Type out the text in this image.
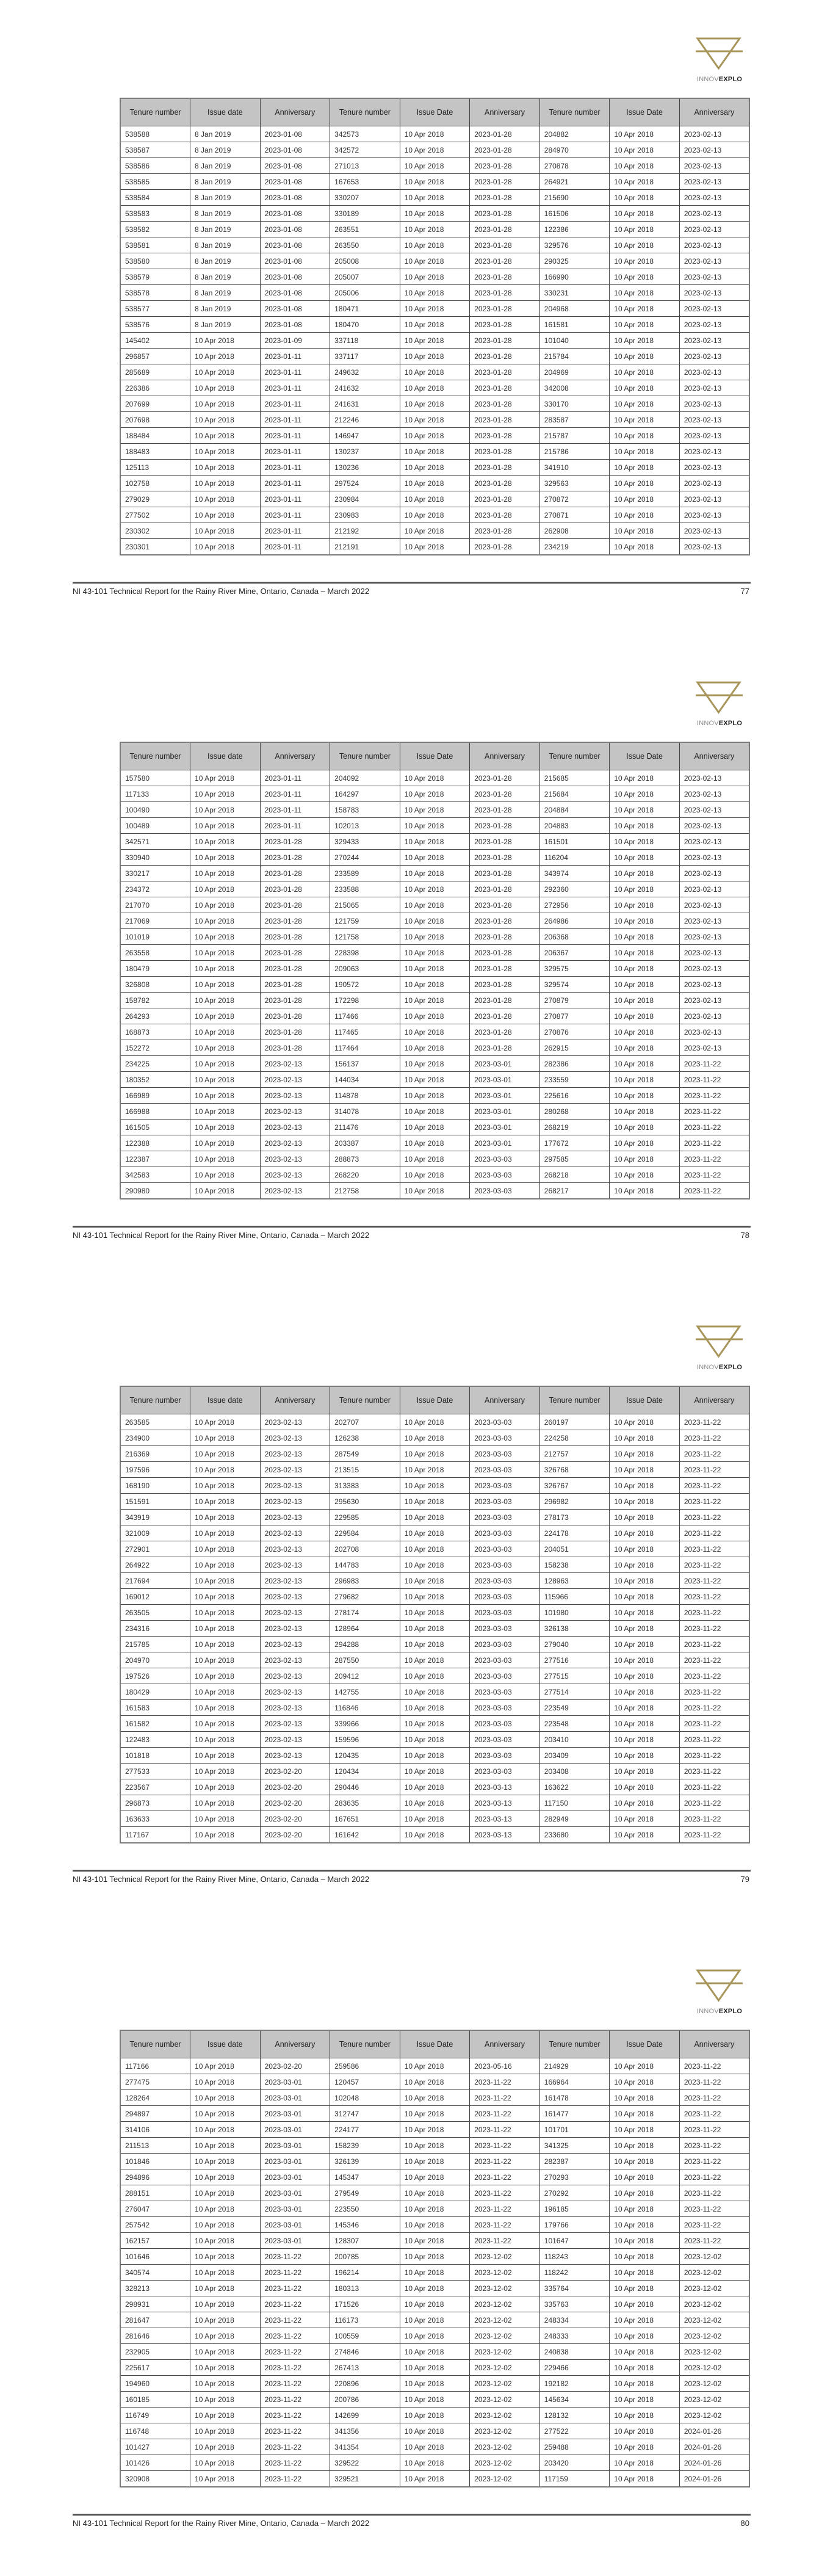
INNOVEXPLO
Tenure number	Issue date	Anniversary	Tenure number	Issue Date	Anniversary	Tenure number	Issue Date	Anniversary
538588	8 Jan 2019	2023-01-08	342573	10 Apr 2018	2023-01-28	204882	10 Apr 2018	2023-02-13
538587	8 Jan 2019	2023-01-08	342572	10 Apr 2018	2023-01-28	284970	10 Apr 2018	2023-02-13
538586	8 Jan 2019	2023-01-08	271013	10 Apr 2018	2023-01-28	270878	10 Apr 2018	2023-02-13
538585	8 Jan 2019	2023-01-08	167653	10 Apr 2018	2023-01-28	264921	10 Apr 2018	2023-02-13
538584	8 Jan 2019	2023-01-08	330207	10 Apr 2018	2023-01-28	215690	10 Apr 2018	2023-02-13
538583	8 Jan 2019	2023-01-08	330189	10 Apr 2018	2023-01-28	161506	10 Apr 2018	2023-02-13
538582	8 Jan 2019	2023-01-08	263551	10 Apr 2018	2023-01-28	122386	10 Apr 2018	2023-02-13
538581	8 Jan 2019	2023-01-08	263550	10 Apr 2018	2023-01-28	329576	10 Apr 2018	2023-02-13
538580	8 Jan 2019	2023-01-08	205008	10 Apr 2018	2023-01-28	290325	10 Apr 2018	2023-02-13
538579	8 Jan 2019	2023-01-08	205007	10 Apr 2018	2023-01-28	166990	10 Apr 2018	2023-02-13
538578	8 Jan 2019	2023-01-08	205006	10 Apr 2018	2023-01-28	330231	10 Apr 2018	2023-02-13
538577	8 Jan 2019	2023-01-08	180471	10 Apr 2018	2023-01-28	204968	10 Apr 2018	2023-02-13
538576	8 Jan 2019	2023-01-08	180470	10 Apr 2018	2023-01-28	161581	10 Apr 2018	2023-02-13
145402	10 Apr 2018	2023-01-09	337118	10 Apr 2018	2023-01-28	101040	10 Apr 2018	2023-02-13
296857	10 Apr 2018	2023-01-11	337117	10 Apr 2018	2023-01-28	215784	10 Apr 2018	2023-02-13
285689	10 Apr 2018	2023-01-11	249632	10 Apr 2018	2023-01-28	204969	10 Apr 2018	2023-02-13
226386	10 Apr 2018	2023-01-11	241632	10 Apr 2018	2023-01-28	342008	10 Apr 2018	2023-02-13
207699	10 Apr 2018	2023-01-11	241631	10 Apr 2018	2023-01-28	330170	10 Apr 2018	2023-02-13
207698	10 Apr 2018	2023-01-11	212246	10 Apr 2018	2023-01-28	283587	10 Apr 2018	2023-02-13
188484	10 Apr 2018	2023-01-11	146947	10 Apr 2018	2023-01-28	215787	10 Apr 2018	2023-02-13
188483	10 Apr 2018	2023-01-11	130237	10 Apr 2018	2023-01-28	215786	10 Apr 2018	2023-02-13
125113	10 Apr 2018	2023-01-11	130236	10 Apr 2018	2023-01-28	341910	10 Apr 2018	2023-02-13
102758	10 Apr 2018	2023-01-11	297524	10 Apr 2018	2023-01-28	329563	10 Apr 2018	2023-02-13
279029	10 Apr 2018	2023-01-11	230984	10 Apr 2018	2023-01-28	270872	10 Apr 2018	2023-02-13
277502	10 Apr 2018	2023-01-11	230983	10 Apr 2018	2023-01-28	270871	10 Apr 2018	2023-02-13
230302	10 Apr 2018	2023-01-11	212192	10 Apr 2018	2023-01-28	262908	10 Apr 2018	2023-02-13
230301	10 Apr 2018	2023-01-11	212191	10 Apr 2018	2023-01-28	234219	10 Apr 2018	2023-02-13
NI 43-101 Technical Report for the Rainy River Mine, Ontario, Canada – March 2022	77
INNOVEXPLO
Tenure number	Issue date	Anniversary	Tenure number	Issue Date	Anniversary	Tenure number	Issue Date	Anniversary
157580	10 Apr 2018	2023-01-11	204092	10 Apr 2018	2023-01-28	215685	10 Apr 2018	2023-02-13
117133	10 Apr 2018	2023-01-11	164297	10 Apr 2018	2023-01-28	215684	10 Apr 2018	2023-02-13
100490	10 Apr 2018	2023-01-11	158783	10 Apr 2018	2023-01-28	204884	10 Apr 2018	2023-02-13
100489	10 Apr 2018	2023-01-11	102013	10 Apr 2018	2023-01-28	204883	10 Apr 2018	2023-02-13
342571	10 Apr 2018	2023-01-28	329433	10 Apr 2018	2023-01-28	161501	10 Apr 2018	2023-02-13
330940	10 Apr 2018	2023-01-28	270244	10 Apr 2018	2023-01-28	116204	10 Apr 2018	2023-02-13
330217	10 Apr 2018	2023-01-28	233589	10 Apr 2018	2023-01-28	343974	10 Apr 2018	2023-02-13
234372	10 Apr 2018	2023-01-28	233588	10 Apr 2018	2023-01-28	292360	10 Apr 2018	2023-02-13
217070	10 Apr 2018	2023-01-28	215065	10 Apr 2018	2023-01-28	272956	10 Apr 2018	2023-02-13
217069	10 Apr 2018	2023-01-28	121759	10 Apr 2018	2023-01-28	264986	10 Apr 2018	2023-02-13
101019	10 Apr 2018	2023-01-28	121758	10 Apr 2018	2023-01-28	206368	10 Apr 2018	2023-02-13
263558	10 Apr 2018	2023-01-28	228398	10 Apr 2018	2023-01-28	206367	10 Apr 2018	2023-02-13
180479	10 Apr 2018	2023-01-28	209063	10 Apr 2018	2023-01-28	329575	10 Apr 2018	2023-02-13
326808	10 Apr 2018	2023-01-28	190572	10 Apr 2018	2023-01-28	329574	10 Apr 2018	2023-02-13
158782	10 Apr 2018	2023-01-28	172298	10 Apr 2018	2023-01-28	270879	10 Apr 2018	2023-02-13
264293	10 Apr 2018	2023-01-28	117466	10 Apr 2018	2023-01-28	270877	10 Apr 2018	2023-02-13
168873	10 Apr 2018	2023-01-28	117465	10 Apr 2018	2023-01-28	270876	10 Apr 2018	2023-02-13
152272	10 Apr 2018	2023-01-28	117464	10 Apr 2018	2023-01-28	262915	10 Apr 2018	2023-02-13
234225	10 Apr 2018	2023-02-13	156137	10 Apr 2018	2023-03-01	282386	10 Apr 2018	2023-11-22
180352	10 Apr 2018	2023-02-13	144034	10 Apr 2018	2023-03-01	233559	10 Apr 2018	2023-11-22
166989	10 Apr 2018	2023-02-13	114878	10 Apr 2018	2023-03-01	225616	10 Apr 2018	2023-11-22
166988	10 Apr 2018	2023-02-13	314078	10 Apr 2018	2023-03-01	280268	10 Apr 2018	2023-11-22
161505	10 Apr 2018	2023-02-13	211476	10 Apr 2018	2023-03-01	268219	10 Apr 2018	2023-11-22
122388	10 Apr 2018	2023-02-13	203387	10 Apr 2018	2023-03-01	177672	10 Apr 2018	2023-11-22
122387	10 Apr 2018	2023-02-13	288873	10 Apr 2018	2023-03-03	297585	10 Apr 2018	2023-11-22
342583	10 Apr 2018	2023-02-13	268220	10 Apr 2018	2023-03-03	268218	10 Apr 2018	2023-11-22
290980	10 Apr 2018	2023-02-13	212758	10 Apr 2018	2023-03-03	268217	10 Apr 2018	2023-11-22
NI 43-101 Technical Report for the Rainy River Mine, Ontario, Canada – March 2022	78
INNOVEXPLO
Tenure number	Issue date	Anniversary	Tenure number	Issue Date	Anniversary	Tenure number	Issue Date	Anniversary
263585	10 Apr 2018	2023-02-13	202707	10 Apr 2018	2023-03-03	260197	10 Apr 2018	2023-11-22
234900	10 Apr 2018	2023-02-13	126238	10 Apr 2018	2023-03-03	224258	10 Apr 2018	2023-11-22
216369	10 Apr 2018	2023-02-13	287549	10 Apr 2018	2023-03-03	212757	10 Apr 2018	2023-11-22
197596	10 Apr 2018	2023-02-13	213515	10 Apr 2018	2023-03-03	326768	10 Apr 2018	2023-11-22
168190	10 Apr 2018	2023-02-13	313383	10 Apr 2018	2023-03-03	326767	10 Apr 2018	2023-11-22
151591	10 Apr 2018	2023-02-13	295630	10 Apr 2018	2023-03-03	296982	10 Apr 2018	2023-11-22
343919	10 Apr 2018	2023-02-13	229585	10 Apr 2018	2023-03-03	278173	10 Apr 2018	2023-11-22
321009	10 Apr 2018	2023-02-13	229584	10 Apr 2018	2023-03-03	224178	10 Apr 2018	2023-11-22
272901	10 Apr 2018	2023-02-13	202708	10 Apr 2018	2023-03-03	204051	10 Apr 2018	2023-11-22
264922	10 Apr 2018	2023-02-13	144783	10 Apr 2018	2023-03-03	158238	10 Apr 2018	2023-11-22
217694	10 Apr 2018	2023-02-13	296983	10 Apr 2018	2023-03-03	128963	10 Apr 2018	2023-11-22
169012	10 Apr 2018	2023-02-13	279682	10 Apr 2018	2023-03-03	115966	10 Apr 2018	2023-11-22
263505	10 Apr 2018	2023-02-13	278174	10 Apr 2018	2023-03-03	101980	10 Apr 2018	2023-11-22
234316	10 Apr 2018	2023-02-13	128964	10 Apr 2018	2023-03-03	326138	10 Apr 2018	2023-11-22
215785	10 Apr 2018	2023-02-13	294288	10 Apr 2018	2023-03-03	279040	10 Apr 2018	2023-11-22
204970	10 Apr 2018	2023-02-13	287550	10 Apr 2018	2023-03-03	277516	10 Apr 2018	2023-11-22
197526	10 Apr 2018	2023-02-13	209412	10 Apr 2018	2023-03-03	277515	10 Apr 2018	2023-11-22
180429	10 Apr 2018	2023-02-13	142755	10 Apr 2018	2023-03-03	277514	10 Apr 2018	2023-11-22
161583	10 Apr 2018	2023-02-13	116846	10 Apr 2018	2023-03-03	223549	10 Apr 2018	2023-11-22
161582	10 Apr 2018	2023-02-13	339966	10 Apr 2018	2023-03-03	223548	10 Apr 2018	2023-11-22
122483	10 Apr 2018	2023-02-13	159596	10 Apr 2018	2023-03-03	203410	10 Apr 2018	2023-11-22
101818	10 Apr 2018	2023-02-13	120435	10 Apr 2018	2023-03-03	203409	10 Apr 2018	2023-11-22
277533	10 Apr 2018	2023-02-20	120434	10 Apr 2018	2023-03-03	203408	10 Apr 2018	2023-11-22
223567	10 Apr 2018	2023-02-20	290446	10 Apr 2018	2023-03-13	163622	10 Apr 2018	2023-11-22
296873	10 Apr 2018	2023-02-20	283635	10 Apr 2018	2023-03-13	117150	10 Apr 2018	2023-11-22
163633	10 Apr 2018	2023-02-20	167651	10 Apr 2018	2023-03-13	282949	10 Apr 2018	2023-11-22
117167	10 Apr 2018	2023-02-20	161642	10 Apr 2018	2023-03-13	233680	10 Apr 2018	2023-11-22
NI 43-101 Technical Report for the Rainy River Mine, Ontario, Canada – March 2022	79
INNOVEXPLO
Tenure number	Issue date	Anniversary	Tenure number	Issue Date	Anniversary	Tenure number	Issue Date	Anniversary
117166	10 Apr 2018	2023-02-20	259586	10 Apr 2018	2023-05-16	214929	10 Apr 2018	2023-11-22
277475	10 Apr 2018	2023-03-01	120457	10 Apr 2018	2023-11-22	166964	10 Apr 2018	2023-11-22
128264	10 Apr 2018	2023-03-01	102048	10 Apr 2018	2023-11-22	161478	10 Apr 2018	2023-11-22
294897	10 Apr 2018	2023-03-01	312747	10 Apr 2018	2023-11-22	161477	10 Apr 2018	2023-11-22
314106	10 Apr 2018	2023-03-01	224177	10 Apr 2018	2023-11-22	101701	10 Apr 2018	2023-11-22
211513	10 Apr 2018	2023-03-01	158239	10 Apr 2018	2023-11-22	341325	10 Apr 2018	2023-11-22
101846	10 Apr 2018	2023-03-01	326139	10 Apr 2018	2023-11-22	282387	10 Apr 2018	2023-11-22
294896	10 Apr 2018	2023-03-01	145347	10 Apr 2018	2023-11-22	270293	10 Apr 2018	2023-11-22
288151	10 Apr 2018	2023-03-01	279549	10 Apr 2018	2023-11-22	270292	10 Apr 2018	2023-11-22
276047	10 Apr 2018	2023-03-01	223550	10 Apr 2018	2023-11-22	196185	10 Apr 2018	2023-11-22
257542	10 Apr 2018	2023-03-01	145346	10 Apr 2018	2023-11-22	179766	10 Apr 2018	2023-11-22
162157	10 Apr 2018	2023-03-01	128307	10 Apr 2018	2023-11-22	101647	10 Apr 2018	2023-11-22
101646	10 Apr 2018	2023-11-22	200785	10 Apr 2018	2023-12-02	118243	10 Apr 2018	2023-12-02
340574	10 Apr 2018	2023-11-22	196214	10 Apr 2018	2023-12-02	118242	10 Apr 2018	2023-12-02
328213	10 Apr 2018	2023-11-22	180313	10 Apr 2018	2023-12-02	335764	10 Apr 2018	2023-12-02
298931	10 Apr 2018	2023-11-22	171526	10 Apr 2018	2023-12-02	335763	10 Apr 2018	2023-12-02
281647	10 Apr 2018	2023-11-22	116173	10 Apr 2018	2023-12-02	248334	10 Apr 2018	2023-12-02
281646	10 Apr 2018	2023-11-22	100559	10 Apr 2018	2023-12-02	248333	10 Apr 2018	2023-12-02
232905	10 Apr 2018	2023-11-22	274846	10 Apr 2018	2023-12-02	240838	10 Apr 2018	2023-12-02
225617	10 Apr 2018	2023-11-22	267413	10 Apr 2018	2023-12-02	229466	10 Apr 2018	2023-12-02
194960	10 Apr 2018	2023-11-22	220896	10 Apr 2018	2023-12-02	192182	10 Apr 2018	2023-12-02
160185	10 Apr 2018	2023-11-22	200786	10 Apr 2018	2023-12-02	145634	10 Apr 2018	2023-12-02
116749	10 Apr 2018	2023-11-22	142699	10 Apr 2018	2023-12-02	128132	10 Apr 2018	2023-12-02
116748	10 Apr 2018	2023-11-22	341356	10 Apr 2018	2023-12-02	277522	10 Apr 2018	2024-01-26
101427	10 Apr 2018	2023-11-22	341354	10 Apr 2018	2023-12-02	259488	10 Apr 2018	2024-01-26
101426	10 Apr 2018	2023-11-22	329522	10 Apr 2018	2023-12-02	203420	10 Apr 2018	2024-01-26
320908	10 Apr 2018	2023-11-22	329521	10 Apr 2018	2023-12-02	117159	10 Apr 2018	2024-01-26
NI 43-101 Technical Report for the Rainy River Mine, Ontario, Canada – March 2022	80
